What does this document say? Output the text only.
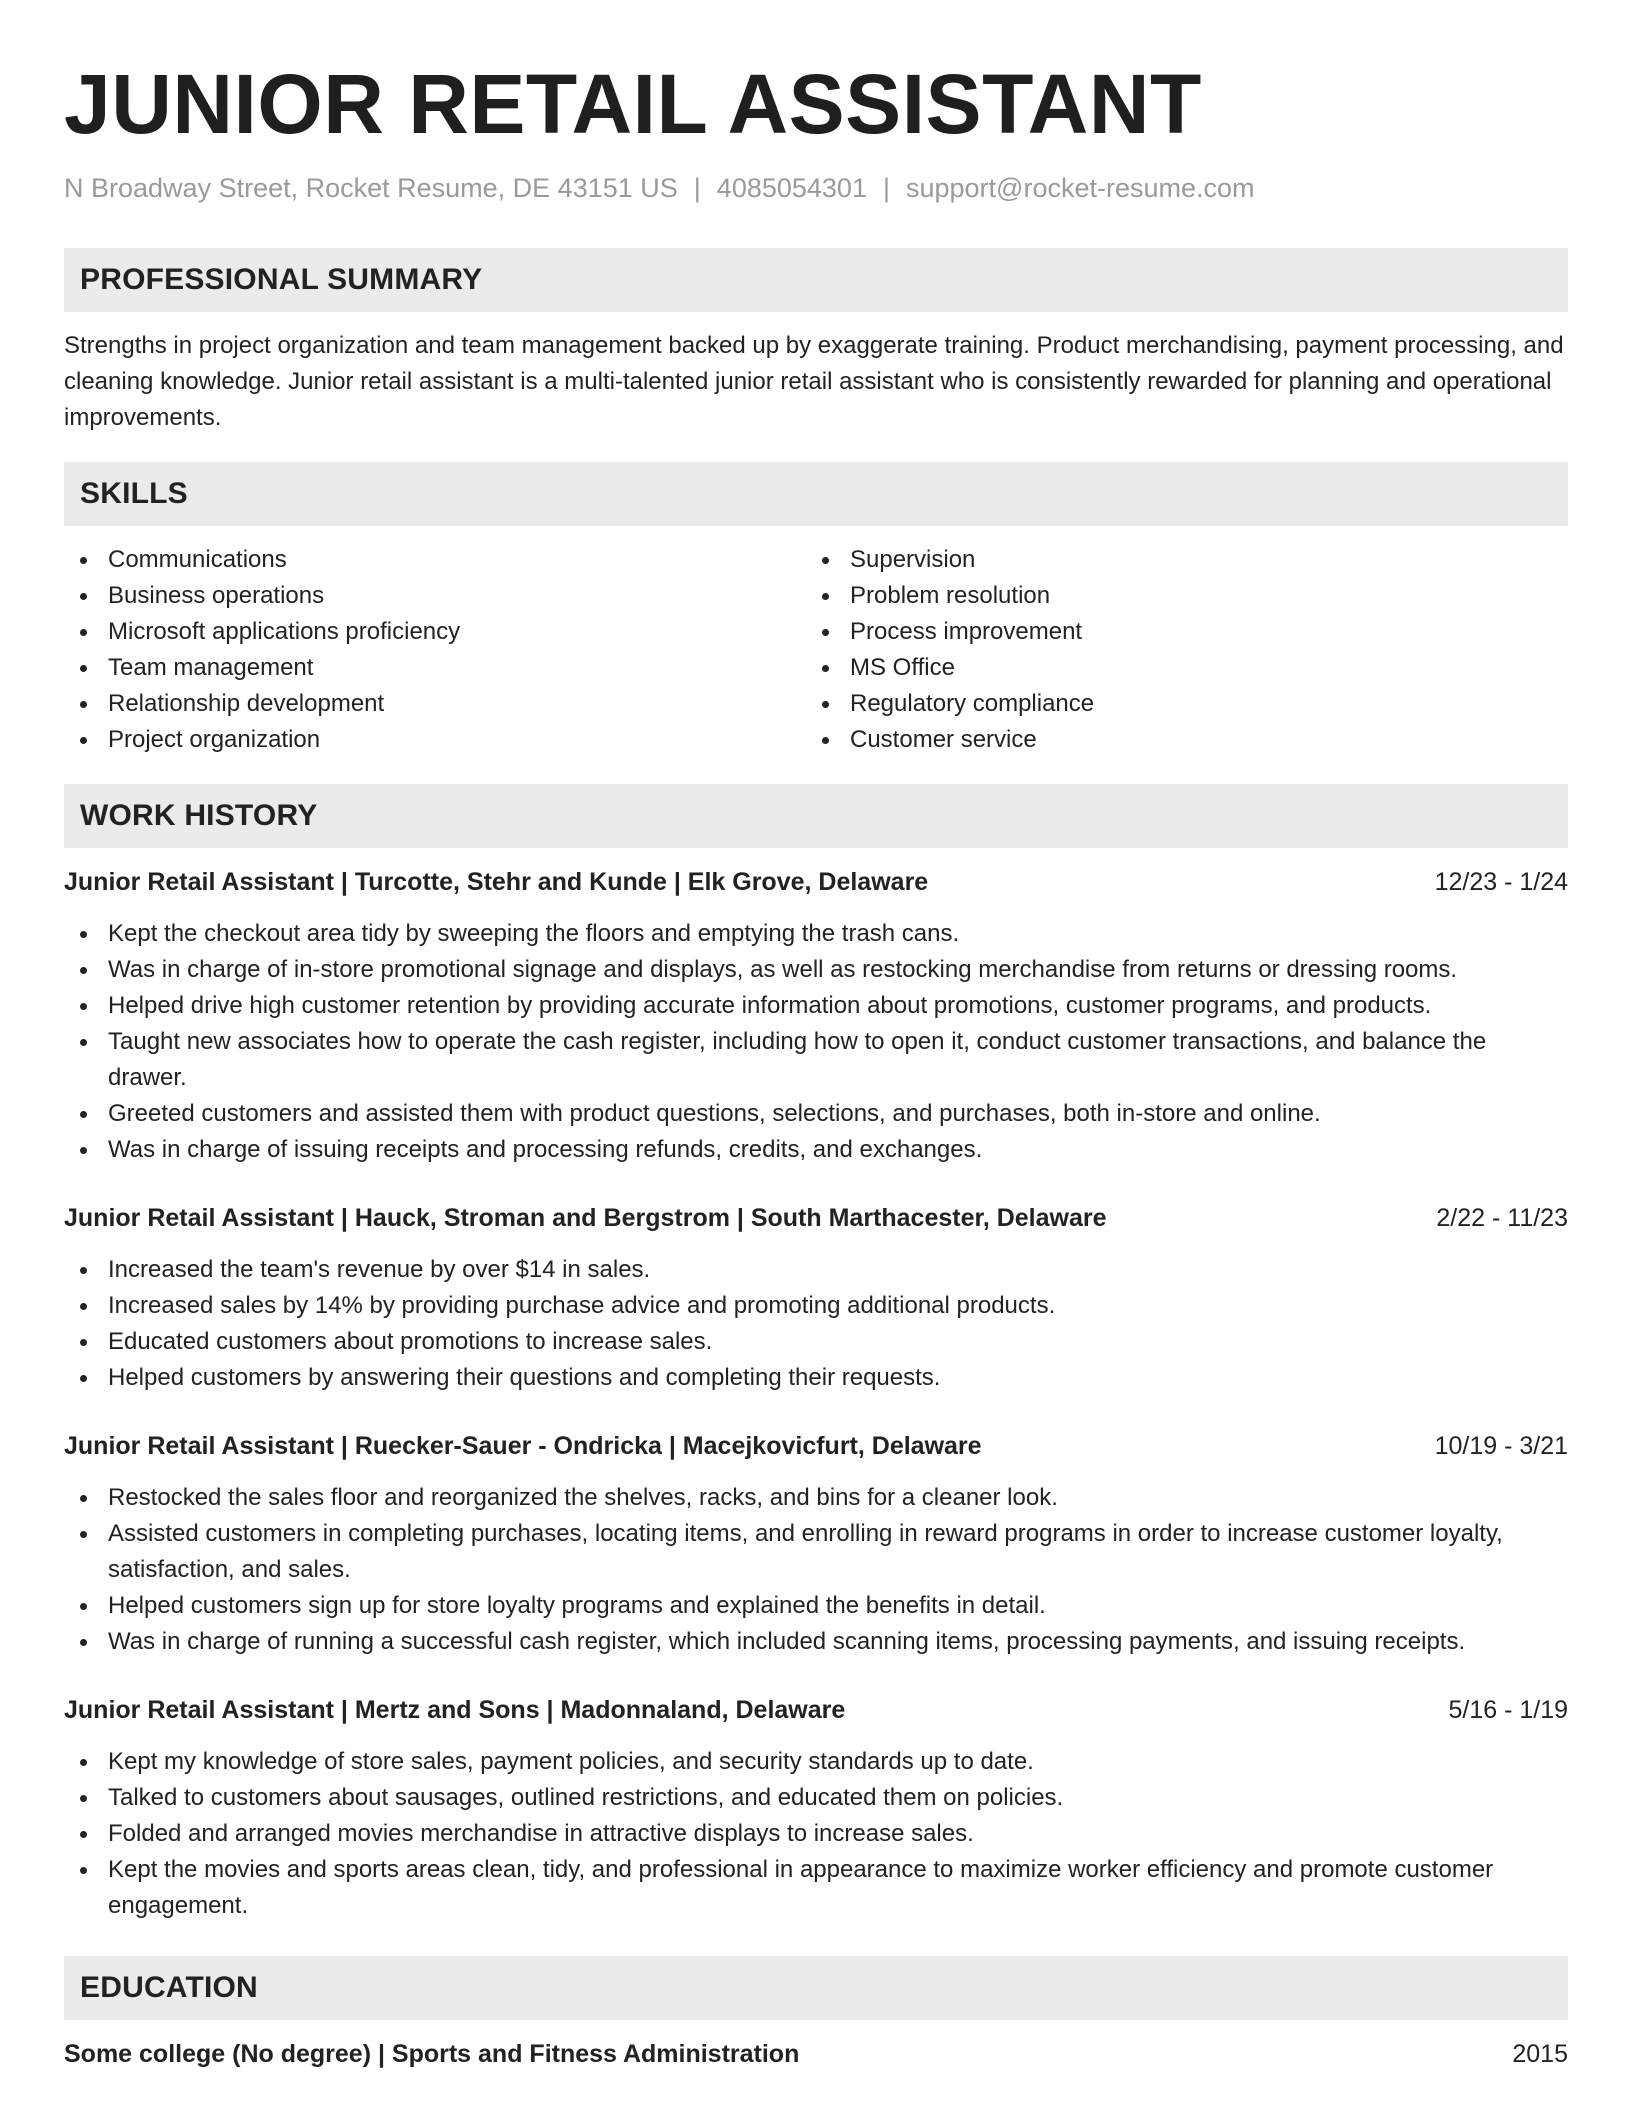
JUNIOR RETAIL ASSISTANT
N Broadway Street, Rocket Resume, DE 43151 US | 4085054301 | support@rocket-resume.com
PROFESSIONAL SUMMARY

Strengths in project organization and team management backed up by exaggerate training. Product merchandising, payment processing, and cleaning knowledge. Junior retail assistant is a multi-talented junior retail assistant who is consistently rewarded for planning and operational improvements.

SKILLS
Communications
Business operations
Microsoft applications proficiency
Team management
Relationship development
Project organization
Supervision
Problem resolution
Process improvement
MS Office
Regulatory compliance
Customer service
WORK HISTORY
Junior Retail Assistant | Turcotte, Stehr and Kunde | Elk Grove, Delaware	12/23 - 1/24
Kept the checkout area tidy by sweeping the floors and emptying the trash cans.
Was in charge of in-store promotional signage and displays, as well as restocking merchandise from returns or dressing rooms.
Helped drive high customer retention by providing accurate information about promotions, customer programs, and products.
Taught new associates how to operate the cash register, including how to open it, conduct customer transactions, and balance the drawer.
Greeted customers and assisted them with product questions, selections, and purchases, both in-store and online.
Was in charge of issuing receipts and processing refunds, credits, and exchanges.
Junior Retail Assistant | Hauck, Stroman and Bergstrom | South Marthacester, Delaware	2/22 - 11/23
Increased the team's revenue by over $14 in sales.
Increased sales by 14% by providing purchase advice and promoting additional products.
Educated customers about promotions to increase sales.
Helped customers by answering their questions and completing their requests.
Junior Retail Assistant | Ruecker-Sauer - Ondricka | Macejkovicfurt, Delaware	10/19 - 3/21
Restocked the sales floor and reorganized the shelves, racks, and bins for a cleaner look.
Assisted customers in completing purchases, locating items, and enrolling in reward programs in order to increase customer loyalty, satisfaction, and sales.
Helped customers sign up for store loyalty programs and explained the benefits in detail.
Was in charge of running a successful cash register, which included scanning items, processing payments, and issuing receipts.
Junior Retail Assistant | Mertz and Sons | Madonnaland, Delaware	5/16 - 1/19
Kept my knowledge of store sales, payment policies, and security standards up to date.
Talked to customers about sausages, outlined restrictions, and educated them on policies.
Folded and arranged movies merchandise in attractive displays to increase sales.
Kept the movies and sports areas clean, tidy, and professional in appearance to maximize worker efficiency and promote customer engagement.
EDUCATION
Some college (No degree) | Sports and Fitness Administration	2015
